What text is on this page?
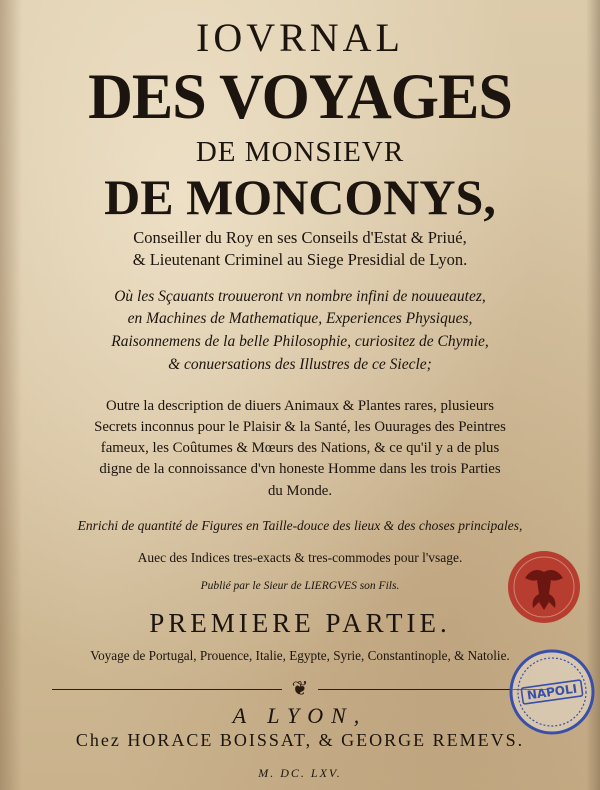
IOVRNAL
DES VOYAGES
DE MONSIEVR
DE MONCONYS,
Conseiller du Roy en ses Conseils d'Estat & Priué,
& Lieutenant Criminel au Siege Presidial de Lyon.
Où les Sçauants trouueront vn nombre infini de nouueautez,
en Machines de Mathematique, Experiences Physiques,
Raisonnemens de la belle Philosophie, curiositez de Chymie,
& conuersations des Illustres de ce Siecle;
Outre la description de diuers Animaux & Plantes rares, plusieurs
Secrets inconnus pour le Plaisir & la Santé, les Ouurages des Peintres
fameux, les Coûtumes & Mœurs des Nations, & ce qu'il y a de plus
digne de la connoissance d'vn honeste Homme dans les trois Parties
du Monde.
Enrichi de quantité de Figures en Taille-douce des lieux & des choses principales,
Auec des Indices tres-exacts & tres-commodes pour l'vsage.
Publié par le Sieur de LIERGVES son Fils.
PREMIERE PARTIE.
Voyage de Portugal, Prouence, Italie, Egypte, Syrie, Constantinople, & Natolie.
❦
A LYON,
Chez HORACE BOISSAT, & GEORGE REMEVS.
M. DC. LXV.
NAPOLI
